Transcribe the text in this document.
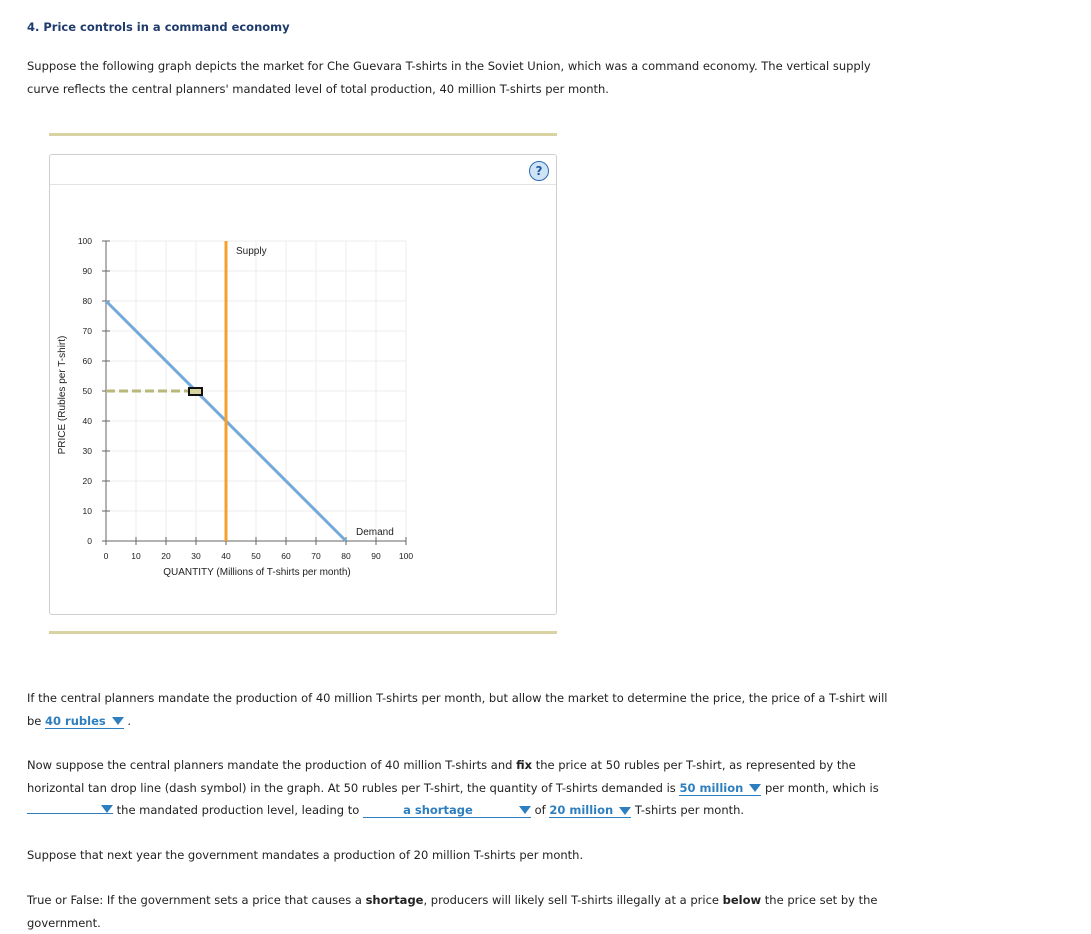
4. Price controls in a command economy
Suppose the following graph depicts the market for Che Guevara T-shirts in the Soviet Union, which was a command economy. The vertical supply
curve reflects the central planners' mandated level of total production, 40 million T-shirts per month.
?
0	10 20 30 40 50 60 70 80 90 100
0
10
20
30
40
50
60
70
80
90
100
PRICE (Rubles per T-shirt)
QUANTITY (Millions of T-shirts per month)
Supply
Demand
If the central planners mandate the production of 40 million T-shirts per month, but allow the market to determine the price, the price of a T-shirt will
be 40 rubles .
Now suppose the central planners mandate the production of 40 million T-shirts and fix the price at 50 rubles per T-shirt, as represented by the
horizontal tan drop line (dash symbol) in the graph. At 50 rubles per T-shirt, the quantity of T-shirts demanded is 50 million per month, which is
the mandated production level, leading to	a shortage	of 20 million T-shirts per month.
Suppose that next year the government mandates a production of 20 million T-shirts per month.
True or False: If the government sets a price that causes a shortage, producers will likely sell T-shirts illegally at a price below the price set by the
government.
